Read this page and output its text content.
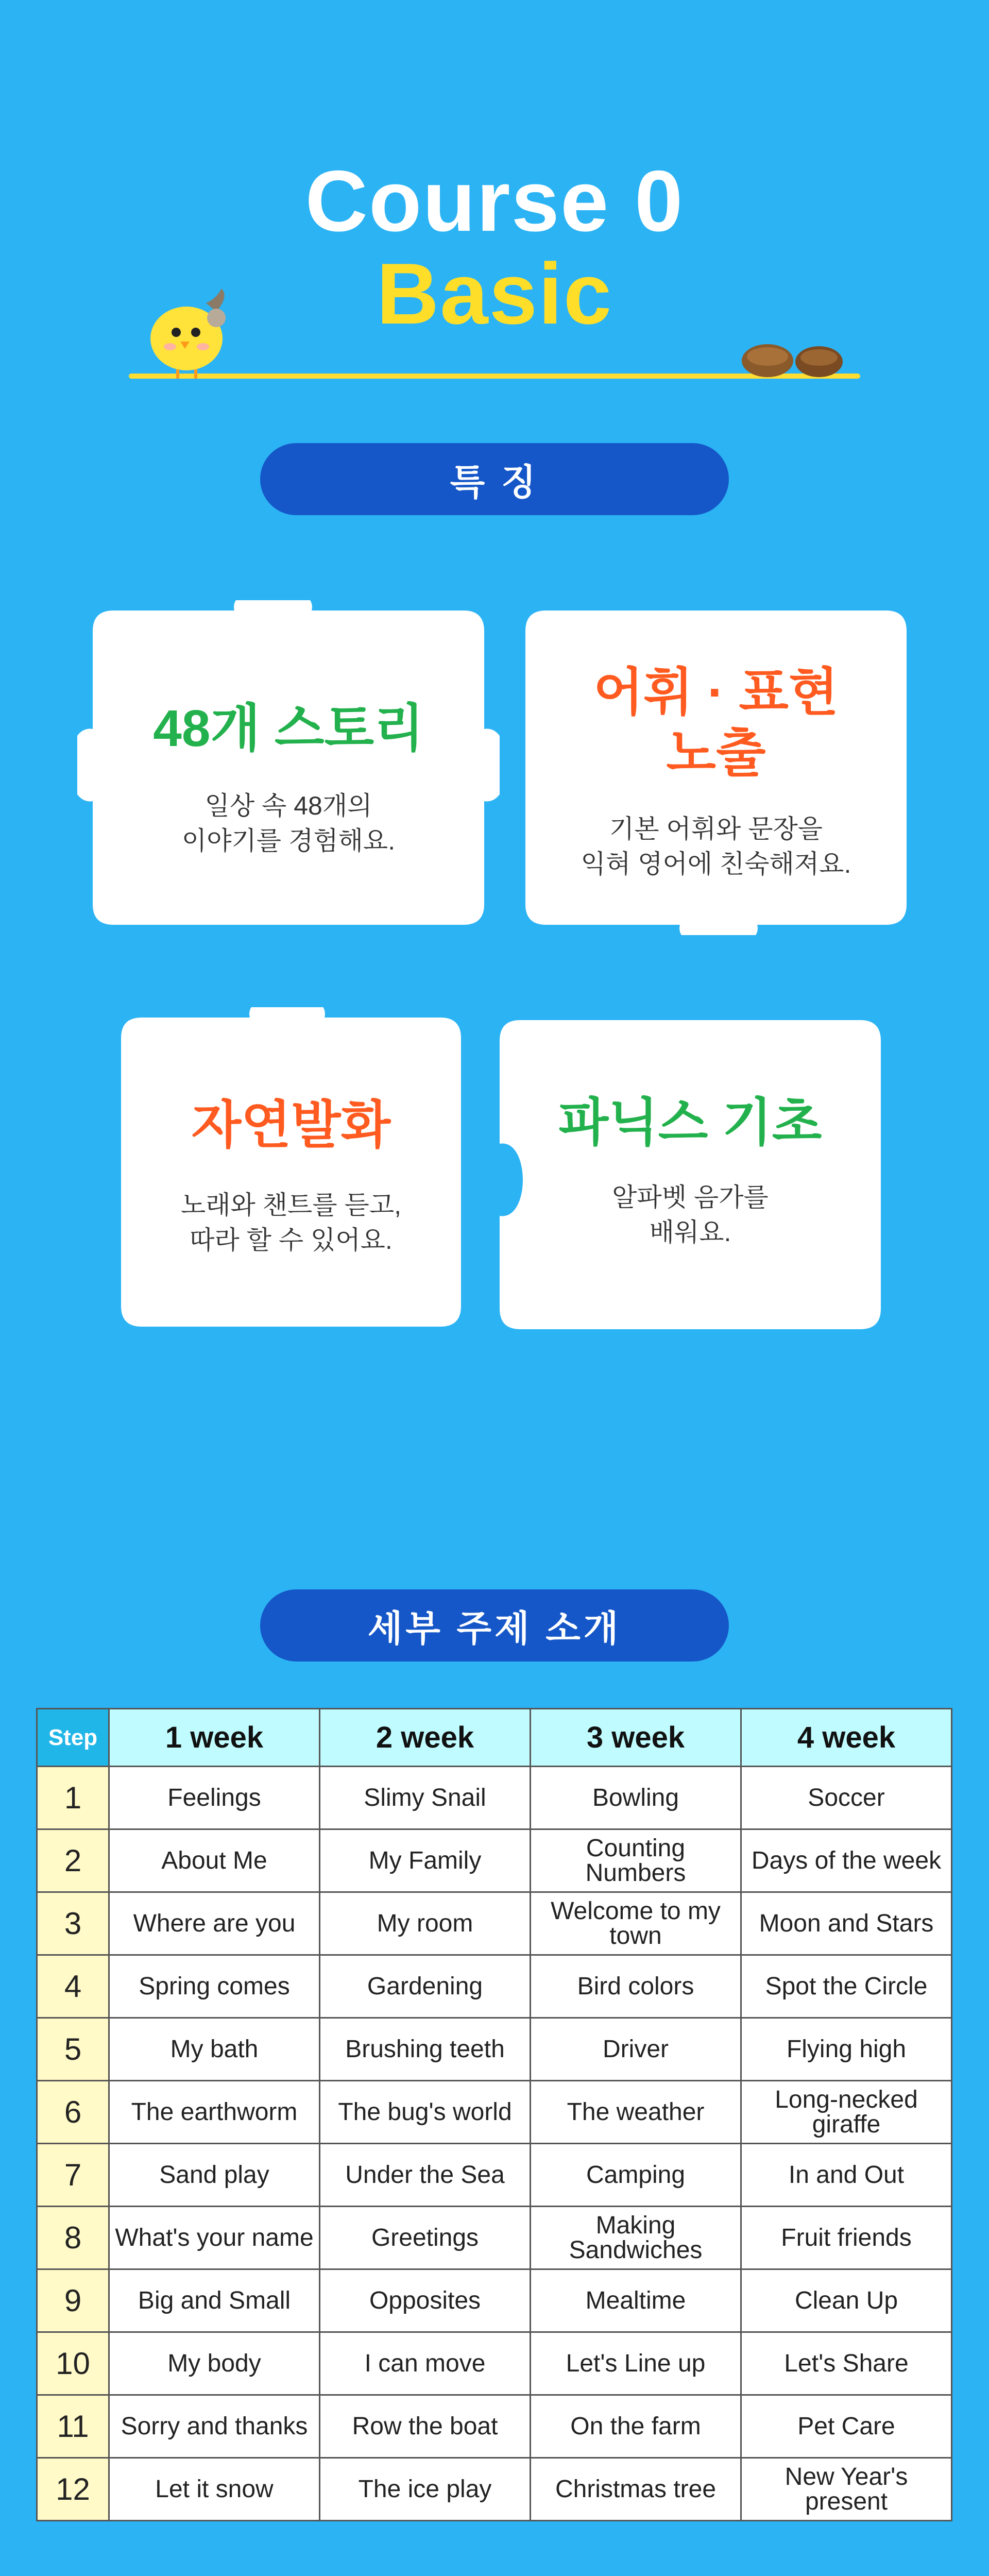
Course 0
Basic
특 징
48개 스토리
일상 속 48개의
이야기를 경험해요.
어휘 · 표현
노출
기본 어휘와 문장을
익혀 영어에 친숙해져요.
자연발화
노래와 챈트를 듣고,
따라 할 수 있어요.
파닉스 기초
알파벳 음가를
배워요.
세부 주제 소개
Step	1 week	2 week	3 week	4 week
1	Feelings	Slimy Snail	Bowling	Soccer
2	About Me	My Family	Counting Numbers	Days of the week
3	Where are you	My room	Welcome to my town	Moon and Stars
4	Spring comes	Gardening	Bird colors	Spot the Circle
5	My bath	Brushing teeth	Driver	Flying high
6	The earthworm	The bug's world	The weather	Long-necked giraffe
7	Sand play	Under the Sea	Camping	In and Out
8	What's your name	Greetings	Making Sandwiches	Fruit friends
9	Big and Small	Opposites	Mealtime	Clean Up
10	My body	I can move	Let's Line up	Let's Share
11	Sorry and thanks	Row the boat	On the farm	Pet Care
12	Let it snow	The ice play	Christmas tree	New Year's present
